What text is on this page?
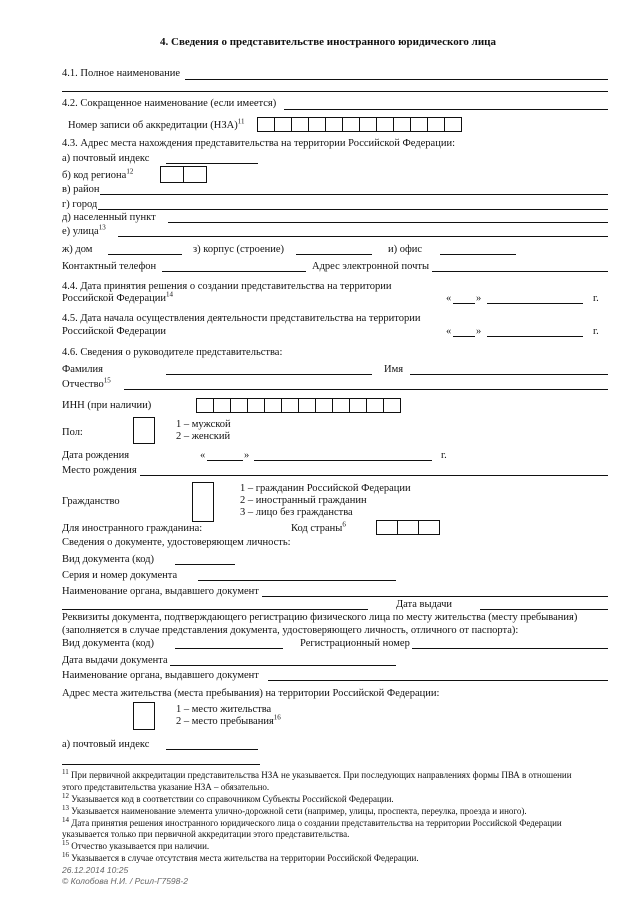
4. Сведения о представительстве иностранного юридического лица
4.1. Полное наименование
4.2. Сокращенное наименование (если имеется)
Номер записи об аккредитации (НЗА)$^{11}$
4.3. Адрес места нахождения представительства на территории Российской Федерации:
а) почтовый индекс
б) код региона$^{12}$
в) район
г) город
д) населенный пункт
е) улица$^{13}$
ж) дом	з) корпус (строение)	и) офис
Контактный телефон	Адрес электронной почты
4.4. Дата принятия решения о создании представительства на территории
Российской Федерации$^{14}$	« »	г.
4.5. Дата начала осуществления деятельности представительства на территории
Российской Федерации	« »	г.
4.6. Сведения о руководителе представительства:
Фамилия	Имя
Отчество$^{15}$
ИНН (при наличии)
Пол:
1 – мужской
2 – женский
Дата рождения	«	»	г.
Место рождения
Гражданство
1 – гражданин Российской Федерации
2 – иностранный гражданин
3 – лицо без гражданства
Для иностранного гражданина:	Код страны$^6$
Сведения о документе, удостоверяющем личность:
Вид документа (код)
Серия и номер документа
Наименование органа, выдавшего документ
Дата выдачи
Реквизиты документа, подтверждающего регистрацию физического лица по месту жительства (месту пребывания)
(заполняется в случае представления документа, удостоверяющего личность, отличного от паспорта):
Вид документа (код)	Регистрационный номер
Дата выдачи документа
Наименование органа, выдавшего документ
Адрес места жительства (места пребывания) на территории Российской Федерации:
1 – место жительства
2 – место пребывания$^{16}$
а) почтовый индекс
$^{11}$ При первичной аккредитации представительства НЗА не указывается. При последующих направлениях формы ПВА в отношении
этого представительства указание НЗА – обязательно.
$^{12}$ Указывается код в соответствии со справочником Субъекты Российской Федерации.
$^{13}$ Указывается наименование элемента улично-дорожной сети (например, улицы, проспекта, переулка, проезда и иного).
$^{14}$ Дата принятия решения иностранного юридического лица о создании представительства на территории Российской Федерации
указывается только при первичной аккредитации этого представительства.
$^{15}$ Отчество указывается при наличии.
$^{16}$ Указывается в случае отсутствия места жительства на территории Российской Федерации.
26.12.2014 10:25
© Колобова Н.И. / Рсил-Г7598-2
